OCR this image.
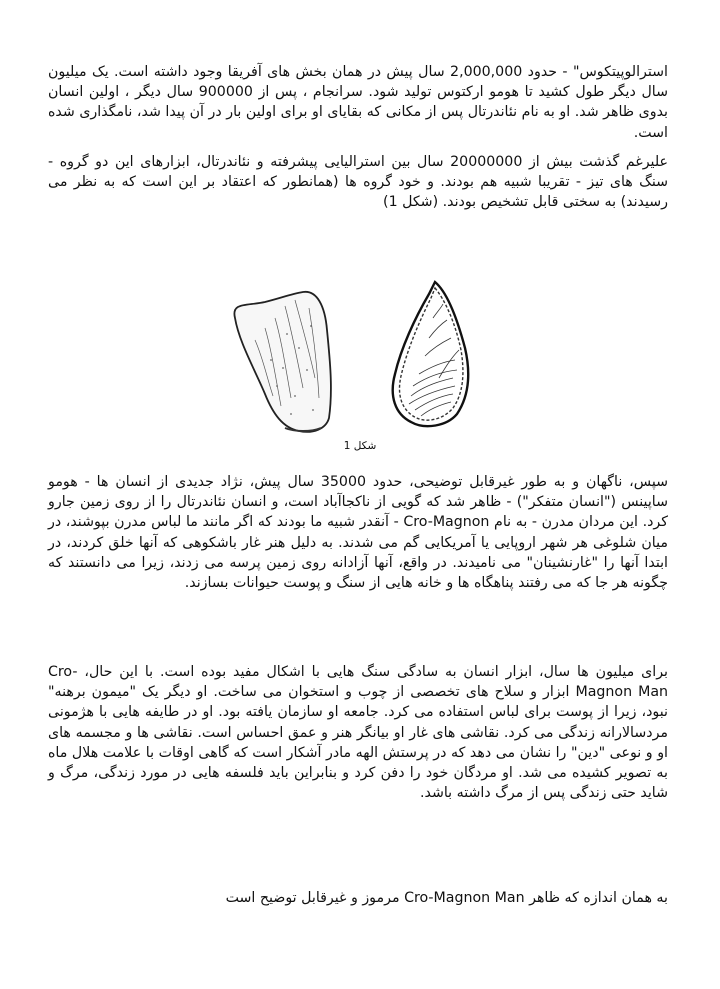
استرالوپیتکوس" - حدود 2,000,000 سال پیش در همان بخش های آفریقا وجود داشته است. یک میلیون سال دیگر طول کشید تا هومو ارکتوس تولید شود. سرانجام ، پس از 900000 سال دیگر ، اولین انسان بدوی ظاهر شد. او به نام نئاندرتال پس از مکانی که بقایای او برای اولین بار در آن پیدا شد، نامگذاری شده است.

علیرغم گذشت بیش از 20000000 سال بین استرالیایی پیشرفته و نئاندرتال، ابزارهای این دو گروه - سنگ های تیز - تقریبا شبیه هم بودند. و خود گروه ها (همانطور که اعتقاد بر این است که به نظر می رسیدند) به سختی قابل تشخیص بودند. (شکل 1)

شکل 1

سپس، ناگهان و به طور غیرقابل توضیحی، حدود 35000 سال پیش، نژاد جدیدی از انسان ها - هومو ساپینس ("انسان متفکر") - ظاهر شد که گویی از ناکجاآباد است، و انسان نئاندرتال را از روی زمین جارو کرد. این مردان مدرن - به نام Cro-Magnon - آنقدر شبیه ما بودند که اگر مانند ما لباس مدرن بپوشند، در میان شلوغی هر شهر اروپایی یا آمریکایی گم می شدند. به دلیل هنر غار باشکوهی که آنها خلق کردند، در ابتدا آنها را "غارنشینان" می نامیدند. در واقع، آنها آزادانه روی زمین پرسه می زدند، زیرا می دانستند که چگونه هر جا که می رفتند پناهگاه ها و خانه هایی از سنگ و پوست حیوانات بسازند.

برای میلیون ها سال، ابزار انسان به سادگی سنگ هایی با اشکال مفید بوده است. با این حال، Cro-Magnon Man ابزار و سلاح های تخصصی از چوب و استخوان می ساخت. او دیگر یک "میمون برهنه" نبود، زیرا از پوست برای لباس استفاده می کرد. جامعه او سازمان یافته بود. او در طایفه هایی با هژمونی مردسالارانه زندگی می کرد. نقاشی های غار او بیانگر هنر و عمق احساس است. نقاشی ها و مجسمه های او و نوعی "دین" را نشان می دهد که در پرستش الهه مادر آشکار است که گاهی اوقات با علامت هلال ماه به تصویر کشیده می شد. او مردگان خود را دفن کرد و بنابراین باید فلسفه هایی در مورد زندگی، مرگ و شاید حتی زندگی پس از مرگ داشته باشد.

به همان اندازه که ظاهر Cro-Magnon Man مرموز و غیرقابل توضیح است
